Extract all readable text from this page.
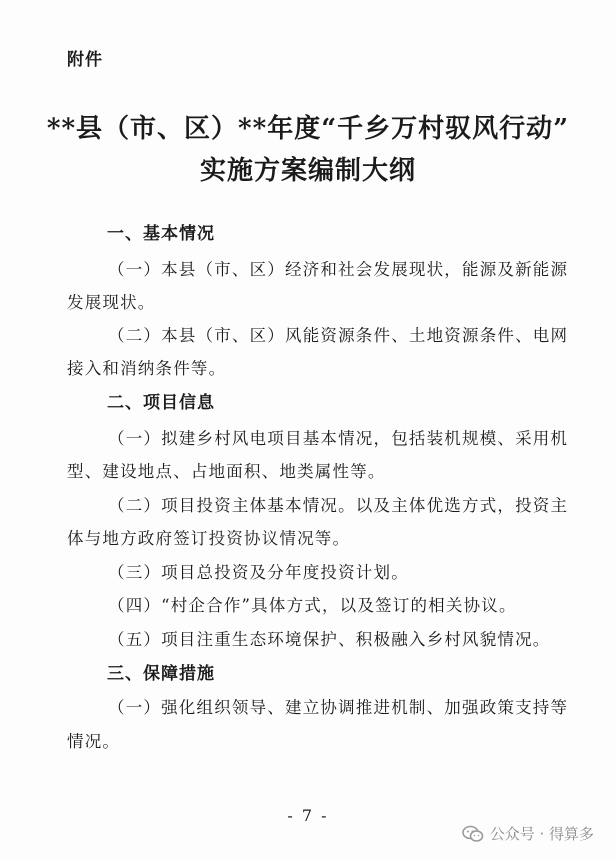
附件
**县（市、区）**年度“千乡万村驭风行动”
实施方案编制大纲
一、基本情况
（一）本县（市、区）经济和社会发展现状，能源及新能源
发展现状。
（二）本县（市、区）风能资源条件、土地资源条件、电网
接入和消纳条件等。
二、项目信息
（一）拟建乡村风电项目基本情况，包括装机规模、采用机
型、建设地点、占地面积、地类属性等。
（二）项目投资主体基本情况。以及主体优选方式，投资主
体与地方政府签订投资协议情况等。
（三）项目总投资及分年度投资计划。
（四）“村企合作”具体方式，以及签订的相关协议。
（五）项目注重生态环境保护、积极融入乡村风貌情况。
三、保障措施
（一）强化组织领导、建立协调推进机制、加强政策支持等
情况。
- 7 -
公众号 · 得算多
